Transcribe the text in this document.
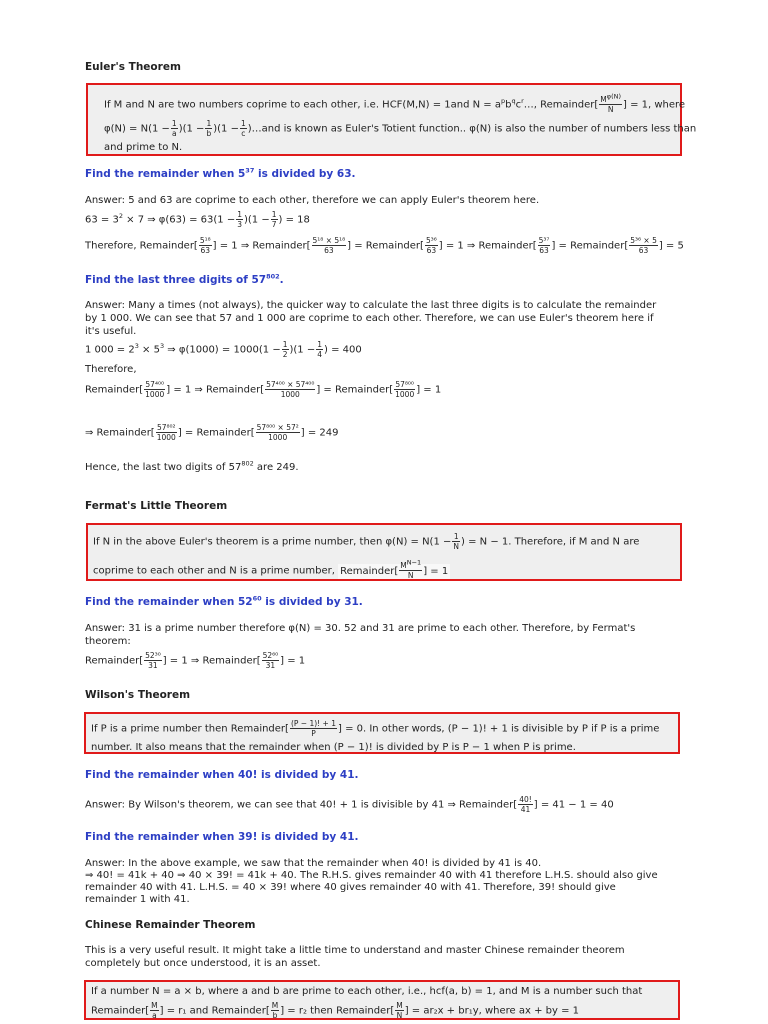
Euler's Theorem
If M and N are two numbers coprime to each other, i.e. HCF(M,N) = 1and $N = a^pb^qc^r\dots$, Remainder[ $\frac{M^{\varphi(N)}}{N}$ ] = 1, where
$\varphi(N) = N(1 - \frac{1}{a} )(1 - \frac{1}{b} )(1 - \frac{1}{c}$ )…and is known as Euler's Totient function.. φ(N) is also the number of numbers less than
and prime to N.
Find the remainder when $5^{37}$ is divided by 63.
Answer: 5 and 63 are coprime to each other, therefore we can apply Euler's theorem here.
$63 = 3^2 \times 7$ ⇒ $\varphi(63) = 63(1 - \frac{1}{3} )(1 - \frac{1}{7}$ ) = 18
Therefore, Remainder[ $\frac{\text{5¹⁸}}{63}$ ] = 1 ⇒ Remainder[ $\frac{\text{5¹⁸ × 5¹⁸}}{63}$ ] = Remainder[ $\frac{\text{5³⁶}}{63}$ ] = 1 ⇒ Remainder[ $\frac{\text{5³⁷}}{63}$ ] = Remainder[ $\frac{\text{5³⁶ × 5}}{63}$ ] = 5
Find the last three digits of $57^{802}$.
Answer: Many a times (not always), the quicker way to calculate the last three digits is to calculate the remainder
by 1 000. We can see that 57 and 1 000 are coprime to each other. Therefore, we can use Euler's theorem here if
it's useful.
1 $000 = 2^3 \times 5^3$ ⇒ $\varphi(1000) = 1000(1 - \frac{1}{2} )(1 - \frac{1}{4}$ ) = 400
Therefore,
Remainder[ $\frac{\text{57⁴⁰⁰}}{1000}$ ] = 1 ⇒ Remainder[ $\frac{\text{57⁴⁰⁰ × 57⁴⁰⁰}}{1000}$ ] = Remainder[ $\frac{\text{57⁸⁰⁰}}{1000}$ ] = 1
⇒ Remainder[ $\frac{\text{57⁸⁰²}}{1000}$ ] = Remainder[ $\frac{\text{57⁸⁰⁰ × 57²}}{1000}$ ] = 249
Hence, the last two digits of $57^{802}$ are 249.
Fermat's Little Theorem
If N in the above Euler's theorem is a prime number, then $\varphi(N) = N(1 - \frac{1}{N}$ ) = N − 1. Therefore, if M and N are
coprime to each other and N is a prime number, Remainder[ $\frac{M^{N-1}}{N}$ ] = 1
Find the remainder when $52^{60}$ is divided by 31.
Answer: 31 is a prime number therefore φ(N) = 30. 52 and 31 are prime to each other. Therefore, by Fermat's
theorem:
Remainder[ $\frac{\text{52³⁰}}{31}$ ] = 1 ⇒ Remainder[ $\frac{\text{52⁶⁰}}{31}$ ] = 1
Wilson's Theorem
If P is a prime number then Remainder[ $\frac{(P - 1)! + 1}{P}$ ] = 0. In other words, (P − 1)! + 1 is divisible by P if P is a prime
number. It also means that the remainder when (P − 1)! is divided by P is P − 1 when P is prime.
Find the remainder when 40! is divided by 41.
Answer: By Wilson's theorem, we can see that 40! + 1 is divisible by 41 ⇒ Remainder[ $\frac{40!}{41}$ ] = 41 − 1 = 40
Find the remainder when 39! is divided by 41.
Answer: In the above example, we saw that the remainder when 40! is divided by 41 is 40.
⇒ 40! = 41k + 40 ⇒ 40 × 39! = 41k + 40. The R.H.S. gives remainder 40 with 41 therefore L.H.S. should also give
remainder 40 with 41. L.H.S. = 40 × 39! where 40 gives remainder 40 with 41. Therefore, 39! should give
remainder 1 with 41.
Chinese Remainder Theorem
This is a very useful result. It might take a little time to understand and master Chinese remainder theorem
completely but once understood, it is an asset.
If a number N = a × b, where a and b are prime to each other, i.e., hcf(a, b) = 1, and M is a number such that
Remainder[ $\frac{M}{a}$ ] = r₁ and Remainder[ $\frac{M}{b}$ ] = r₂ then Remainder[ $\frac{M}{N}$ ] = ar₂x + br₁y, where ax + by = 1
